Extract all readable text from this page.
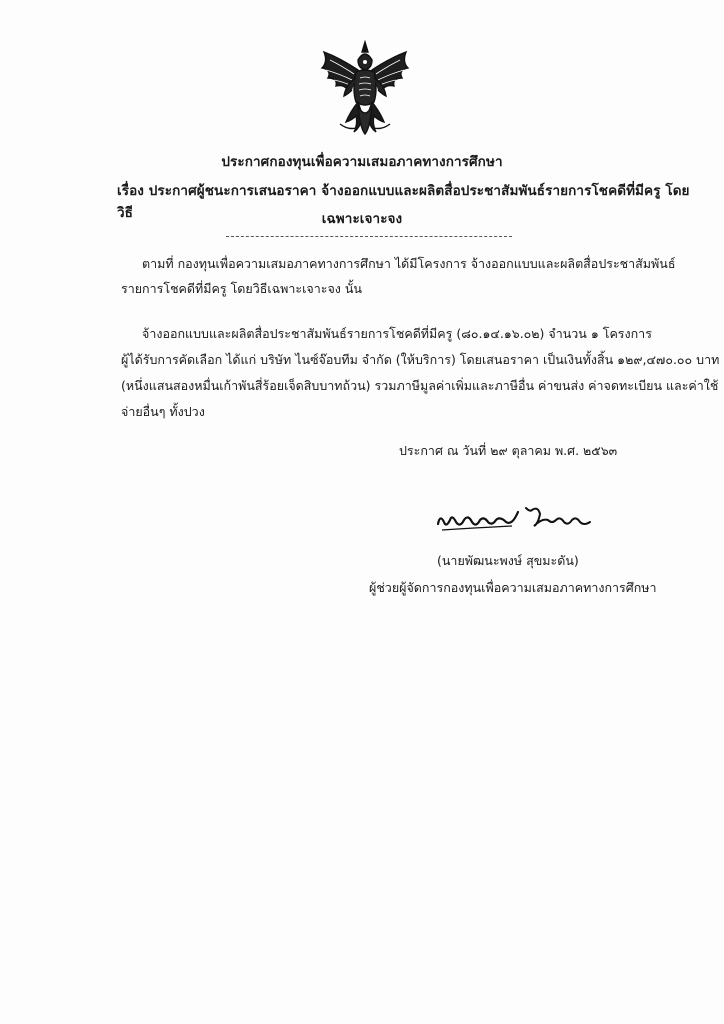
ประกาศกองทุนเพื่อความเสมอภาคทางการศึกษา
เรื่อง ประกาศผู้ชนะการเสนอราคา จ้างออกแบบและผลิตสื่อประชาสัมพันธ์รายการโชคดีที่มีครู โดยวิธี	เฉพาะเจาะจง
ตามที่ กองทุนเพื่อความเสมอภาคทางการศึกษา ได้มีโครงการ จ้างออกแบบและผลิตสื่อประชาสัมพันธ์
รายการโชคดีที่มีครู โดยวิธีเฉพาะเจาะจง นั้น
จ้างออกแบบและผลิตสื่อประชาสัมพันธ์รายการโชคดีที่มีครู (๘๐.๑๔.๑๖.๐๒) จำนวน ๑ โครงการ
ผู้ได้รับการคัดเลือก ได้แก่ บริษัท ไนซ์จ๊อบทีม จำกัด (ให้บริการ) โดยเสนอราคา เป็นเงินทั้งสิ้น ๑๒๙,๔๗๐.๐๐ บาท
(หนึ่งแสนสองหมื่นเก้าพันสี่ร้อยเจ็ดสิบบาทถ้วน) รวมภาษีมูลค่าเพิ่มและภาษีอื่น ค่าขนส่ง ค่าจดทะเบียน และค่าใช้
จ่ายอื่นๆ ทั้งปวง
ประกาศ ณ วันที่ ๒๙ ตุลาคม พ.ศ. ๒๕๖๓
(นายพัฒนะพงษ์ สุขมะดัน)
ผู้ช่วยผู้จัดการกองทุนเพื่อความเสมอภาคทางการศึกษา
